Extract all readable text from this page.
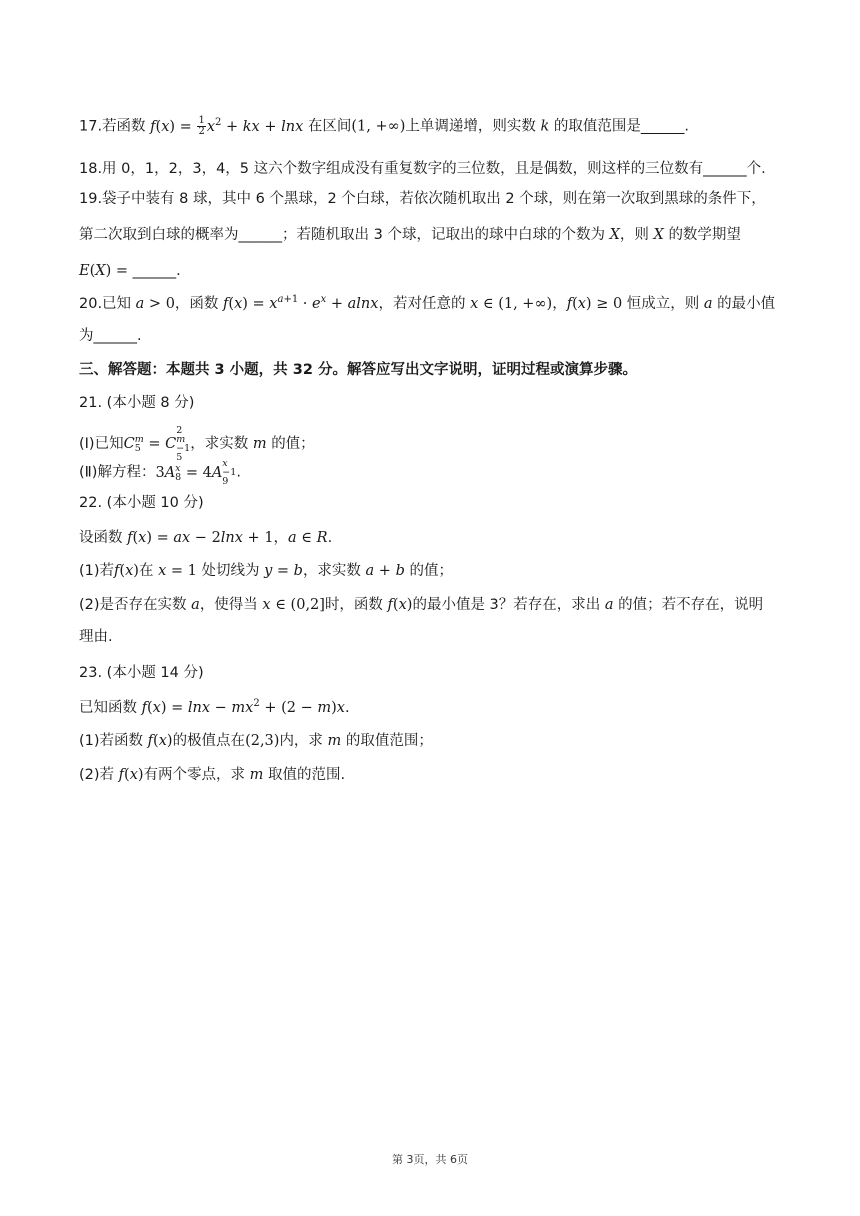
17.若函数 $f(x) = \frac{1}{2} x^2$ + kx + lnx 在区间(1, +∞)上单调递增，则实数 k 的取值范围是______.
18.用 0，1，2，3，4，5 这六个数字组成没有重复数字的三位数，且是偶数，则这样的三位数有______个.
19.袋子中装有 8 球，其中 6 个黑球，2 个白球，若依次随机取出 2 个球，则在第一次取到黑球的条件下，
第二次取到白球的概率为______；若随机取出 3 个球，记取出的球中白球的个数为 X，则 X 的数学期望
E(X) = ______.
20.已知 a > 0，函数 $f(x) = x^{a+1} \cdot e^x + alnx$，若对任意的 x ∈ (1, +∞)，f(x) ≥ 0 恒成立，则 a 的最小值
为______.
三、解答题：本题共 3 小题，共 32 分。解答应写出文字说明，证明过程或演算步骤。
21. (本小题 8 分)
(Ⅰ)已知C m
5 = C
2
m
−1
5
，求实数 m 的值；
(Ⅱ)解方程：3A x
8 = 4A
x
−1
9
.
22. (本小题 10 分)
设函数 f(x) = ax − 2lnx + 1，a ∈ R.
(1)若f(x)在 x = 1 处切线为 y = b，求实数 a + b 的值；
(2)是否存在实数 a，使得当 x ∈ (0,2]时，函数 f(x)的最小值是 3？若存在，求出 a 的值；若不存在，说明
理由.
23. (本小题 14 分)
已知函数 $f(x) = \ln x - mx^2 + (2 - m)x$.
(1)若函数 f(x)的极值点在(2,3)内，求 m 的取值范围；
(2)若 f(x)有两个零点，求 m 取值的范围.
第 3页，共 6页
